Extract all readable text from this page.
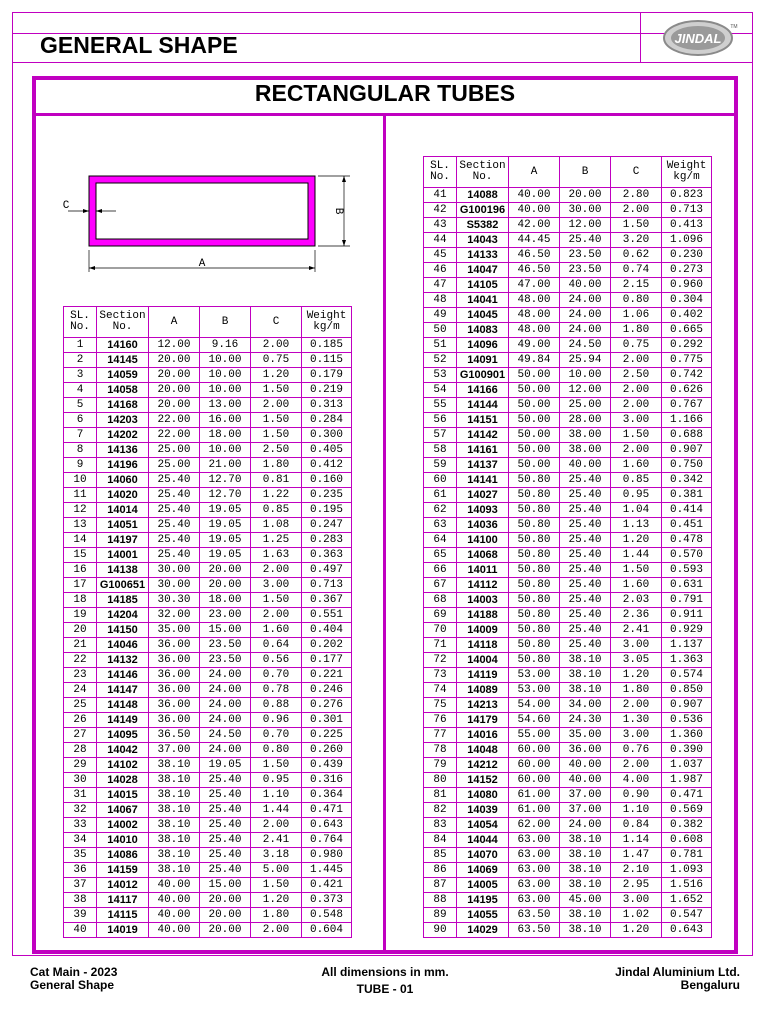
GENERAL SHAPE	JINDAL
TM
RECTANGULAR TUBES
A
B
C
SL.
No.	Section
No.	A	B	C	Weight
kg/m
1	14160	12.00	9.16	2.00	0.185
2	14145	20.00	10.00	0.75	0.115
3	14059	20.00	10.00	1.20	0.179
4	14058	20.00	10.00	1.50	0.219
5	14168	20.00	13.00	2.00	0.313
6	14203	22.00	16.00	1.50	0.284
7	14202	22.00	18.00	1.50	0.300
8	14136	25.00	10.00	2.50	0.405
9	14196	25.00	21.00	1.80	0.412
10	14060	25.40	12.70	0.81	0.160
11	14020	25.40	12.70	1.22	0.235
12	14014	25.40	19.05	0.85	0.195
13	14051	25.40	19.05	1.08	0.247
14	14197	25.40	19.05	1.25	0.283
15	14001	25.40	19.05	1.63	0.363
16	14138	30.00	20.00	2.00	0.497
17	G100651	30.00	20.00	3.00	0.713
18	14185	30.30	18.00	1.50	0.367
19	14204	32.00	23.00	2.00	0.551
20	14150	35.00	15.00	1.60	0.404
21	14046	36.00	23.50	0.64	0.202
22	14132	36.00	23.50	0.56	0.177
23	14146	36.00	24.00	0.70	0.221
24	14147	36.00	24.00	0.78	0.246
25	14148	36.00	24.00	0.88	0.276
26	14149	36.00	24.00	0.96	0.301
27	14095	36.50	24.50	0.70	0.225
28	14042	37.00	24.00	0.80	0.260
29	14102	38.10	19.05	1.50	0.439
30	14028	38.10	25.40	0.95	0.316
31	14015	38.10	25.40	1.10	0.364
32	14067	38.10	25.40	1.44	0.471
33	14002	38.10	25.40	2.00	0.643
34	14010	38.10	25.40	2.41	0.764
35	14086	38.10	25.40	3.18	0.980
36	14159	38.10	25.40	5.00	1.445
37	14012	40.00	15.00	1.50	0.421
38	14117	40.00	20.00	1.20	0.373
39	14115	40.00	20.00	1.80	0.548
40	14019	40.00	20.00	2.00	0.604
SL.
No.	Section
No.	A	B	C	Weight
kg/m
41	14088	40.00	20.00	2.80	0.823
42	G100196	40.00	30.00	2.00	0.713
43	S5382	42.00	12.00	1.50	0.413
44	14043	44.45	25.40	3.20	1.096
45	14133	46.50	23.50	0.62	0.230
46	14047	46.50	23.50	0.74	0.273
47	14105	47.00	40.00	2.15	0.960
48	14041	48.00	24.00	0.80	0.304
49	14045	48.00	24.00	1.06	0.402
50	14083	48.00	24.00	1.80	0.665
51	14096	49.00	24.50	0.75	0.292
52	14091	49.84	25.94	2.00	0.775
53	G100901	50.00	10.00	2.50	0.742
54	14166	50.00	12.00	2.00	0.626
55	14144	50.00	25.00	2.00	0.767
56	14151	50.00	28.00	3.00	1.166
57	14142	50.00	38.00	1.50	0.688
58	14161	50.00	38.00	2.00	0.907
59	14137	50.00	40.00	1.60	0.750
60	14141	50.80	25.40	0.85	0.342
61	14027	50.80	25.40	0.95	0.381
62	14093	50.80	25.40	1.04	0.414
63	14036	50.80	25.40	1.13	0.451
64	14100	50.80	25.40	1.20	0.478
65	14068	50.80	25.40	1.44	0.570
66	14011	50.80	25.40	1.50	0.593
67	14112	50.80	25.40	1.60	0.631
68	14003	50.80	25.40	2.03	0.791
69	14188	50.80	25.40	2.36	0.911
70	14009	50.80	25.40	2.41	0.929
71	14118	50.80	25.40	3.00	1.137
72	14004	50.80	38.10	3.05	1.363
73	14119	53.00	38.10	1.20	0.574
74	14089	53.00	38.10	1.80	0.850
75	14213	54.00	34.00	2.00	0.907
76	14179	54.60	24.30	1.30	0.536
77	14016	55.00	35.00	3.00	1.360
78	14048	60.00	36.00	0.76	0.390
79	14212	60.00	40.00	2.00	1.037
80	14152	60.00	40.00	4.00	1.987
81	14080	61.00	37.00	0.90	0.471
82	14039	61.00	37.00	1.10	0.569
83	14054	62.00	24.00	0.84	0.382
84	14044	63.00	38.10	1.14	0.608
85	14070	63.00	38.10	1.47	0.781
86	14069	63.00	38.10	2.10	1.093
87	14005	63.00	38.10	2.95	1.516
88	14195	63.00	45.00	3.00	1.652
89	14055	63.50	38.10	1.02	0.547
90	14029	63.50	38.10	1.20	0.643
Cat Main - 2023
General Shape
All dimensions in mm.
TUBE - 01
Jindal Aluminium Ltd.
Bengaluru
